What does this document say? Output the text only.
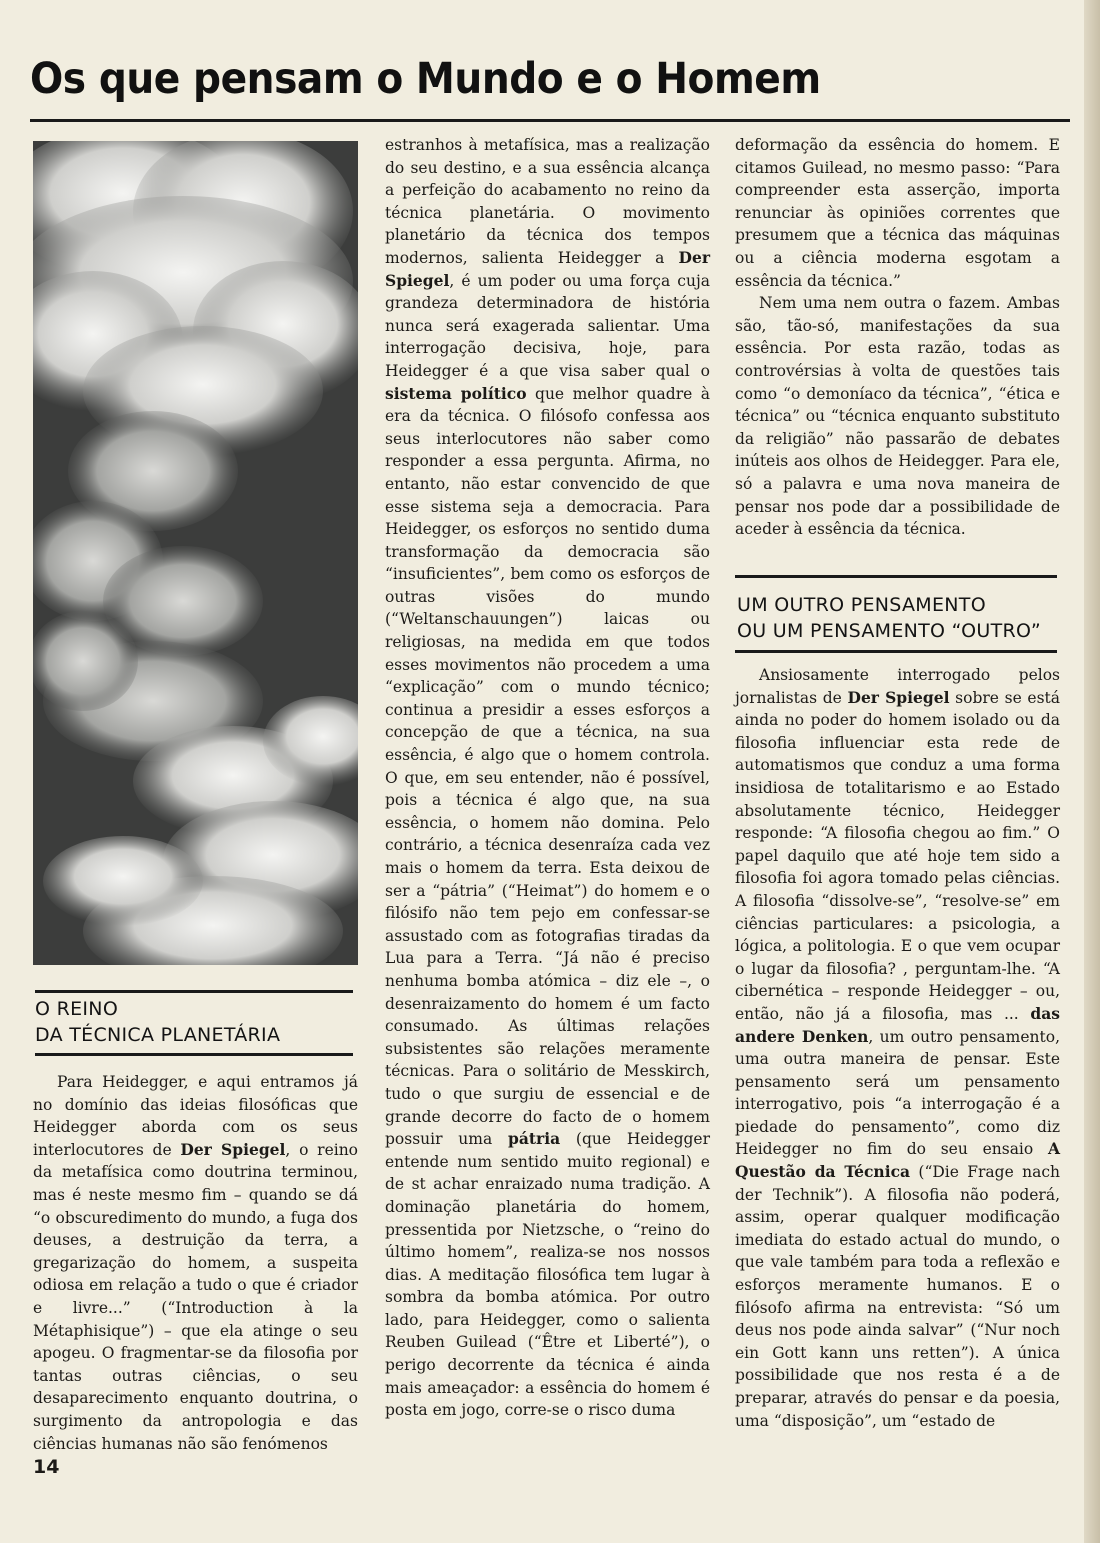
Os que pensam o Mundo e o Homem
O REINO
DA TÉCNICA PLANETÁRIA

Para Heidegger, e aqui entramos já no domínio das ideias filosóficas que Heidegger aborda com os seus interlocutores de Der Spiegel, o reino da metafísica como doutrina terminou, mas é neste mesmo fim – quando se dá “o obscuredimento do mundo, a fuga dos deuses, a destruição da terra, a gregarização do homem, a suspeita odiosa em relação a tudo o que é criador e livre...” (“Introduction à la Métaphisique”) – que ela atinge o seu apogeu. O fragmentar-se da filosofia por tantas outras ciências, o seu desaparecimento enquanto doutrina, o surgimento da antropologia e das ciências humanas não são fenómenos

estranhos à metafísica, mas a realização do seu destino, e a sua essência alcança a perfeição do acabamento no reino da técnica planetária. O movimento planetário da técnica dos tempos modernos, salienta Heidegger a Der Spiegel, é um poder ou uma força cuja grandeza determinadora de história nunca será exagerada salientar. Uma interrogação decisiva, hoje, para Heidegger é a que visa saber qual o sistema político que melhor quadre à era da técnica. O filósofo confessa aos seus interlocutores não saber como responder a essa pergunta. Afirma, no entanto, não estar convencido de que esse sistema seja a democracia. Para Heidegger, os esforços no sentido duma transformação da democracia são “insuficientes”, bem como os esforços de outras visões do mundo (“Weltanschauungen”) laicas ou religiosas, na medida em que todos esses movimentos não procedem a uma “explicação” com o mundo técnico; continua a presidir a esses esforços a concepção de que a técnica, na sua essência, é algo que o homem controla. O que, em seu entender, não é possível, pois a técnica é algo que, na sua essência, o homem não domina. Pelo contrário, a técnica desenraíza cada vez mais o homem da terra. Esta deixou de ser a “pátria” (“Heimat”) do homem e o filósifo não tem pejo em confessar-se assustado com as fotografias tiradas da Lua para a Terra. “Já não é preciso nenhuma bomba atómica – diz ele –, o desenraizamento do homem é um facto consumado. As últimas relações subsistentes são relações meramente técnicas. Para o solitário de Messkirch, tudo o que surgiu de essencial e de grande decorre do facto de o homem possuir uma pátria (que Heidegger entende num sentido muito regional) e de st achar enraizado numa tradição. A dominação planetária do homem, pressentida por Nietzsche, o “reino do último homem”, realiza-se nos nossos dias. A meditação filosófica tem lugar à sombra da bomba atómica. Por outro lado, para Heidegger, como o salienta Reuben Guilead (“Être et Liberté”), o perigo decorrente da técnica é ainda mais ameaçador: a essência do homem é posta em jogo, corre-se o risco duma

deformação da essência do homem. E citamos Guilead, no mesmo passo: “Para compreender esta asserção, importa renunciar às opiniões correntes que presumem que a técnica das máquinas ou a ciência moderna esgotam a essência da técnica.”

Nem uma nem outra o fazem. Ambas são, tão-só, manifestações da sua essência. Por esta razão, todas as controvérsias à volta de questões tais como “o demoníaco da técnica”, “ética e técnica” ou “técnica enquanto substituto da religião” não passarão de debates inúteis aos olhos de Heidegger. Para ele, só a palavra e uma nova maneira de pensar nos pode dar a possibilidade de aceder à essência da técnica.

UM OUTRO PENSAMENTO
OU UM PENSAMENTO “OUTRO”

Ansiosamente interrogado pelos jornalistas de Der Spiegel sobre se está ainda no poder do homem isolado ou da filosofia influenciar esta rede de automatismos que conduz a uma forma insidiosa de totalitarismo e ao Estado absolutamente técnico, Heidegger responde: “A filosofia chegou ao fim.” O papel daquilo que até hoje tem sido a filosofia foi agora tomado pelas ciências. A filosofia “dissolve-se”, “resolve-se” em ciências particulares: a psicologia, a lógica, a politologia. E o que vem ocupar o lugar da filosofia? , perguntam-lhe. “A cibernética – responde Heidegger – ou, então, não já a filosofia, mas ... das andere Denken, um outro pensamento, uma outra maneira de pensar. Este pensamento será um pensamento interrogativo, pois “a interrogação é a piedade do pensamento”, como diz Heidegger no fim do seu ensaio A Questão da Técnica (“Die Frage nach der Technik”). A filosofia não poderá, assim, operar qualquer modificação imediata do estado actual do mundo, o que vale também para toda a reflexão e esforços meramente humanos. E o filósofo afirma na entrevista: “Só um deus nos pode ainda salvar” (“Nur noch ein Gott kann uns retten”). A única possibilidade que nos resta é a de preparar, através do pensar e da poesia, uma “disposição”, um “estado de

14
